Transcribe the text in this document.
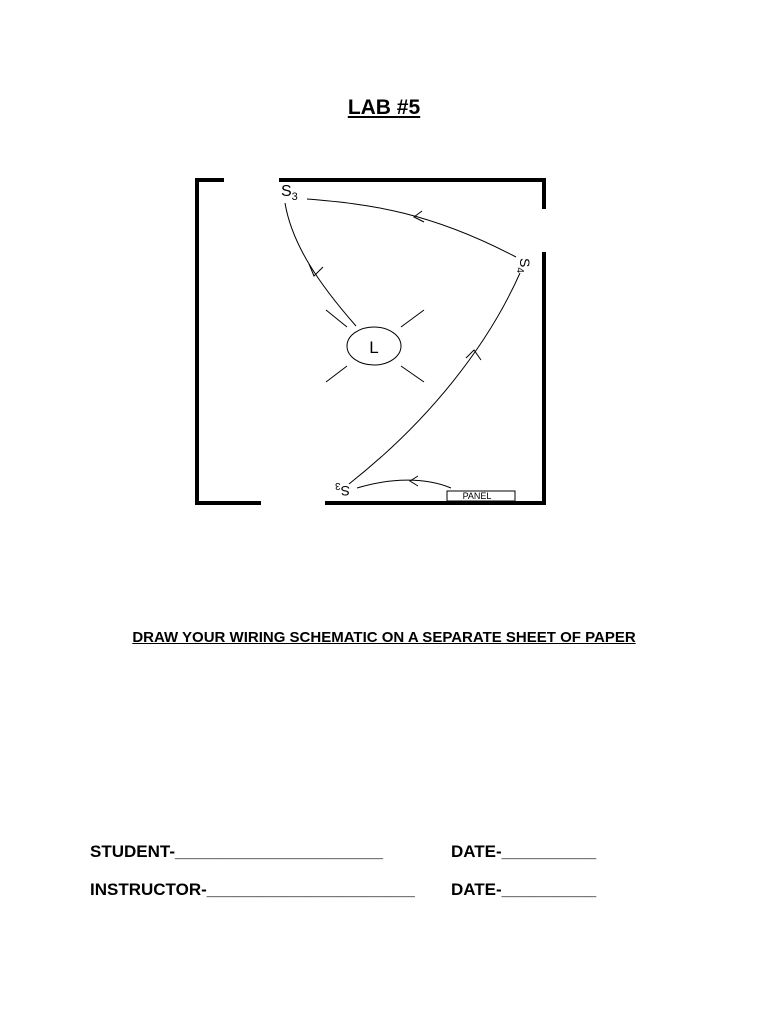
LAB #5
L
$S_3$
$S_4$
$S_3$
PANEL
DRAW YOUR WIRING SCHEMATIC ON A SEPARATE SHEET OF PAPER
STUDENT-______________________	DATE-__________
INSTRUCTOR-______________________ DATE-__________
